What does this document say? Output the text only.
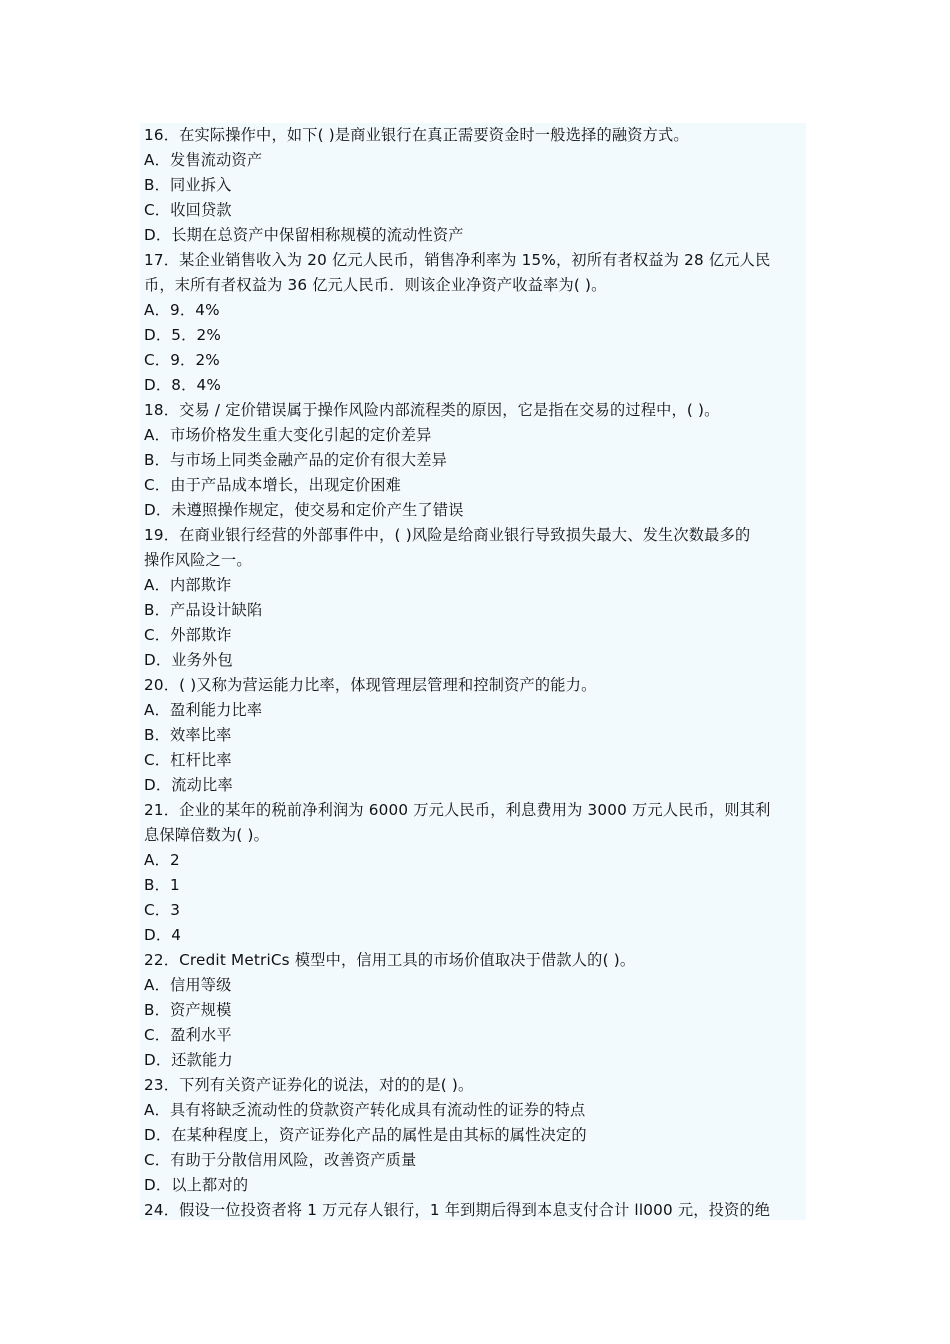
16．在实际操作中，如下( )是商业银行在真正需要资金时一般选择的融资方式。
A．发售流动资产
B．同业拆入
C．收回贷款
D．长期在总资产中保留相称规模的流动性资产
17．某企业销售收入为 20 亿元人民币，销售净利率为 15%，初所有者权益为 28 亿元人民
币，末所有者权益为 36 亿元人民币．则该企业净资产收益率为( )。
A．9．4%
D．5．2%
C．9．2%
D．8．4%
18．交易 / 定价错误属于操作风险内部流程类的原因，它是指在交易的过程中，( )。
A．市场价格发生重大变化引起的定价差异
B．与市场上同类金融产品的定价有很大差异
C．由于产品成本增长，出现定价困难
D．未遵照操作规定，使交易和定价产生了错误
19．在商业银行经营的外部事件中，( )风险是给商业银行导致损失最大、发生次数最多的
操作风险之一。
A．内部欺诈
B．产品设计缺陷
C．外部欺诈
D．业务外包
20．( )又称为营运能力比率，体现管理层管理和控制资产的能力。
A．盈利能力比率
B．效率比率
C．杠杆比率
D．流动比率
21．企业的某年的税前净利润为 6000 万元人民币，利息费用为 3000 万元人民币，则其利
息保障倍数为( )。
A．2
B．1
C．3
D．4
22．Credit MetriCs 模型中，信用工具的市场价值取决于借款人的( )。
A．信用等级
B．资产规模
C．盈利水平
D．还款能力
23．下列有关资产证券化的说法，对的的是( )。
A．具有将缺乏流动性的贷款资产转化成具有流动性的证券的特点
D．在某种程度上，资产证券化产品的属性是由其标的属性决定的
C．有助于分散信用风险，改善资产质量
D．以上都对的
24．假设一位投资者将 1 万元存人银行，1 年到期后得到本息支付合计 ll000 元，投资的绝
